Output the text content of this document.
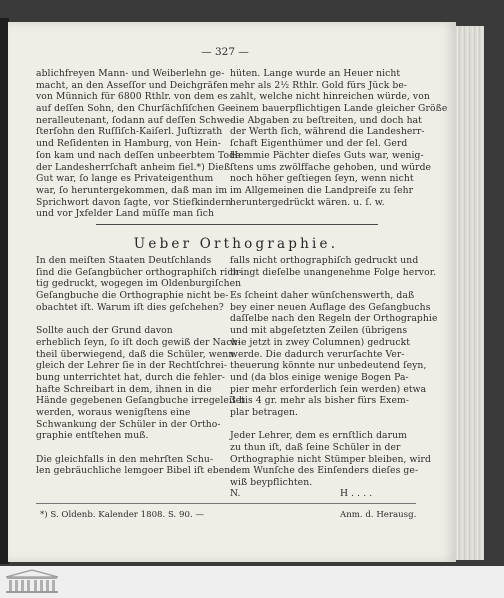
— 327 —
ablichfreyen Mann- und Weiberlehn ge-
macht, an den Asseſſor und Deichgräfen
von Münnich für 6800 Rthlr. von dem es
auf deſſen Sohn, den Churſächſiſchen Ge-
neralleutenant, ſodann auf deſſen Schwe-
ſterſohn den Ruſſiſch-Kaiſerl. Juſtizrath
und Reſidenten in Hamburg, von Hein-
ſon kam und nach deſſen unbeerbtem Tode
der Landesherrſchaft anheim fiel.*) Dieß
Gut war, ſo lange es Privateigenthum
war, ſo heruntergekommen, daß man im
Sprichwort davon ſagte, vor Stiefkindern
und vor Jxfelder Land müſſe man ſich
hüten. Lange wurde an Heuer nicht
mehr als 2½ Rthlr. Gold fürs Jück be-
zahlt, welche nicht hinreichen würde, von
einem bauerpflichtigen Lande gleicher Größe
die Abgaben zu beſtreiten, und doch hat
der Werth ſich, während die Landesherr-
ſchaft Eigenthümer und der ſel. Gerd
Hemmie Pächter dieſes Guts war, wenig-
ſtens ums zwölffache gehoben, und würde
noch höher geſtiegen ſeyn, wenn nicht
im Allgemeinen die Landpreiſe zu ſehr
heruntergedrückt wären. u. ſ. w.
Ueber Orthographie.
In den meiſten Staaten Deutſchlands
ſind die Geſangbücher orthographiſch rich-
tig gedruckt, wogegen im Oldenburgiſchen
Geſangbuche die Orthographie nicht be-
obachtet iſt. Warum iſt dies geſchehen?
Sollte auch der Grund davon
erheblich ſeyn, ſo iſt doch gewiß der Nach-
theil überwiegend, daß die Schüler, wenn
gleich der Lehrer ſie in der Rechtſchrei-
bung unterrichtet hat, durch die fehler-
hafte Schreibart in dem, ihnen in die
Hände gegebenen Geſangbuche irregeleitet
werden, woraus wenigſtens eine
Schwankung der Schüler in der Ortho-
graphie entſtehen muß.
Die gleichfalls in den mehrſten Schu-
len gebräuchliche lemgoer Bibel iſt eben-
falls nicht orthographiſch gedruckt und
bringt dieſelbe unangenehme Folge hervor.
Es ſcheint daher wünſchenswerth, daß
bey einer neuen Auflage des Geſangbuchs
daſſelbe nach den Regeln der Orthographie
und mit abgeſetzten Zeilen (übrigens
wie jetzt in zwey Columnen) gedruckt
werde. Die dadurch verurſachte Ver-
theuerung könnte nur unbedeutend ſeyn,
und (da blos einige wenige Bogen Pa-
pier mehr erforderlich ſein werden) etwa
3 bis 4 gr. mehr als bisher fürs Exem-
plar betragen.
Jeder Lehrer, dem es ernſtlich darum
zu thun iſt, daß ſeine Schüler in der
Orthographie nicht Stümper bleiben, wird
dem Wunſche des Einſenders dieſes ge-
wiß beypflichten.
N.	H . . . .
*) S. Oldenb. Kalender 1808. S. 90. —	Anm. d. Herausg.
